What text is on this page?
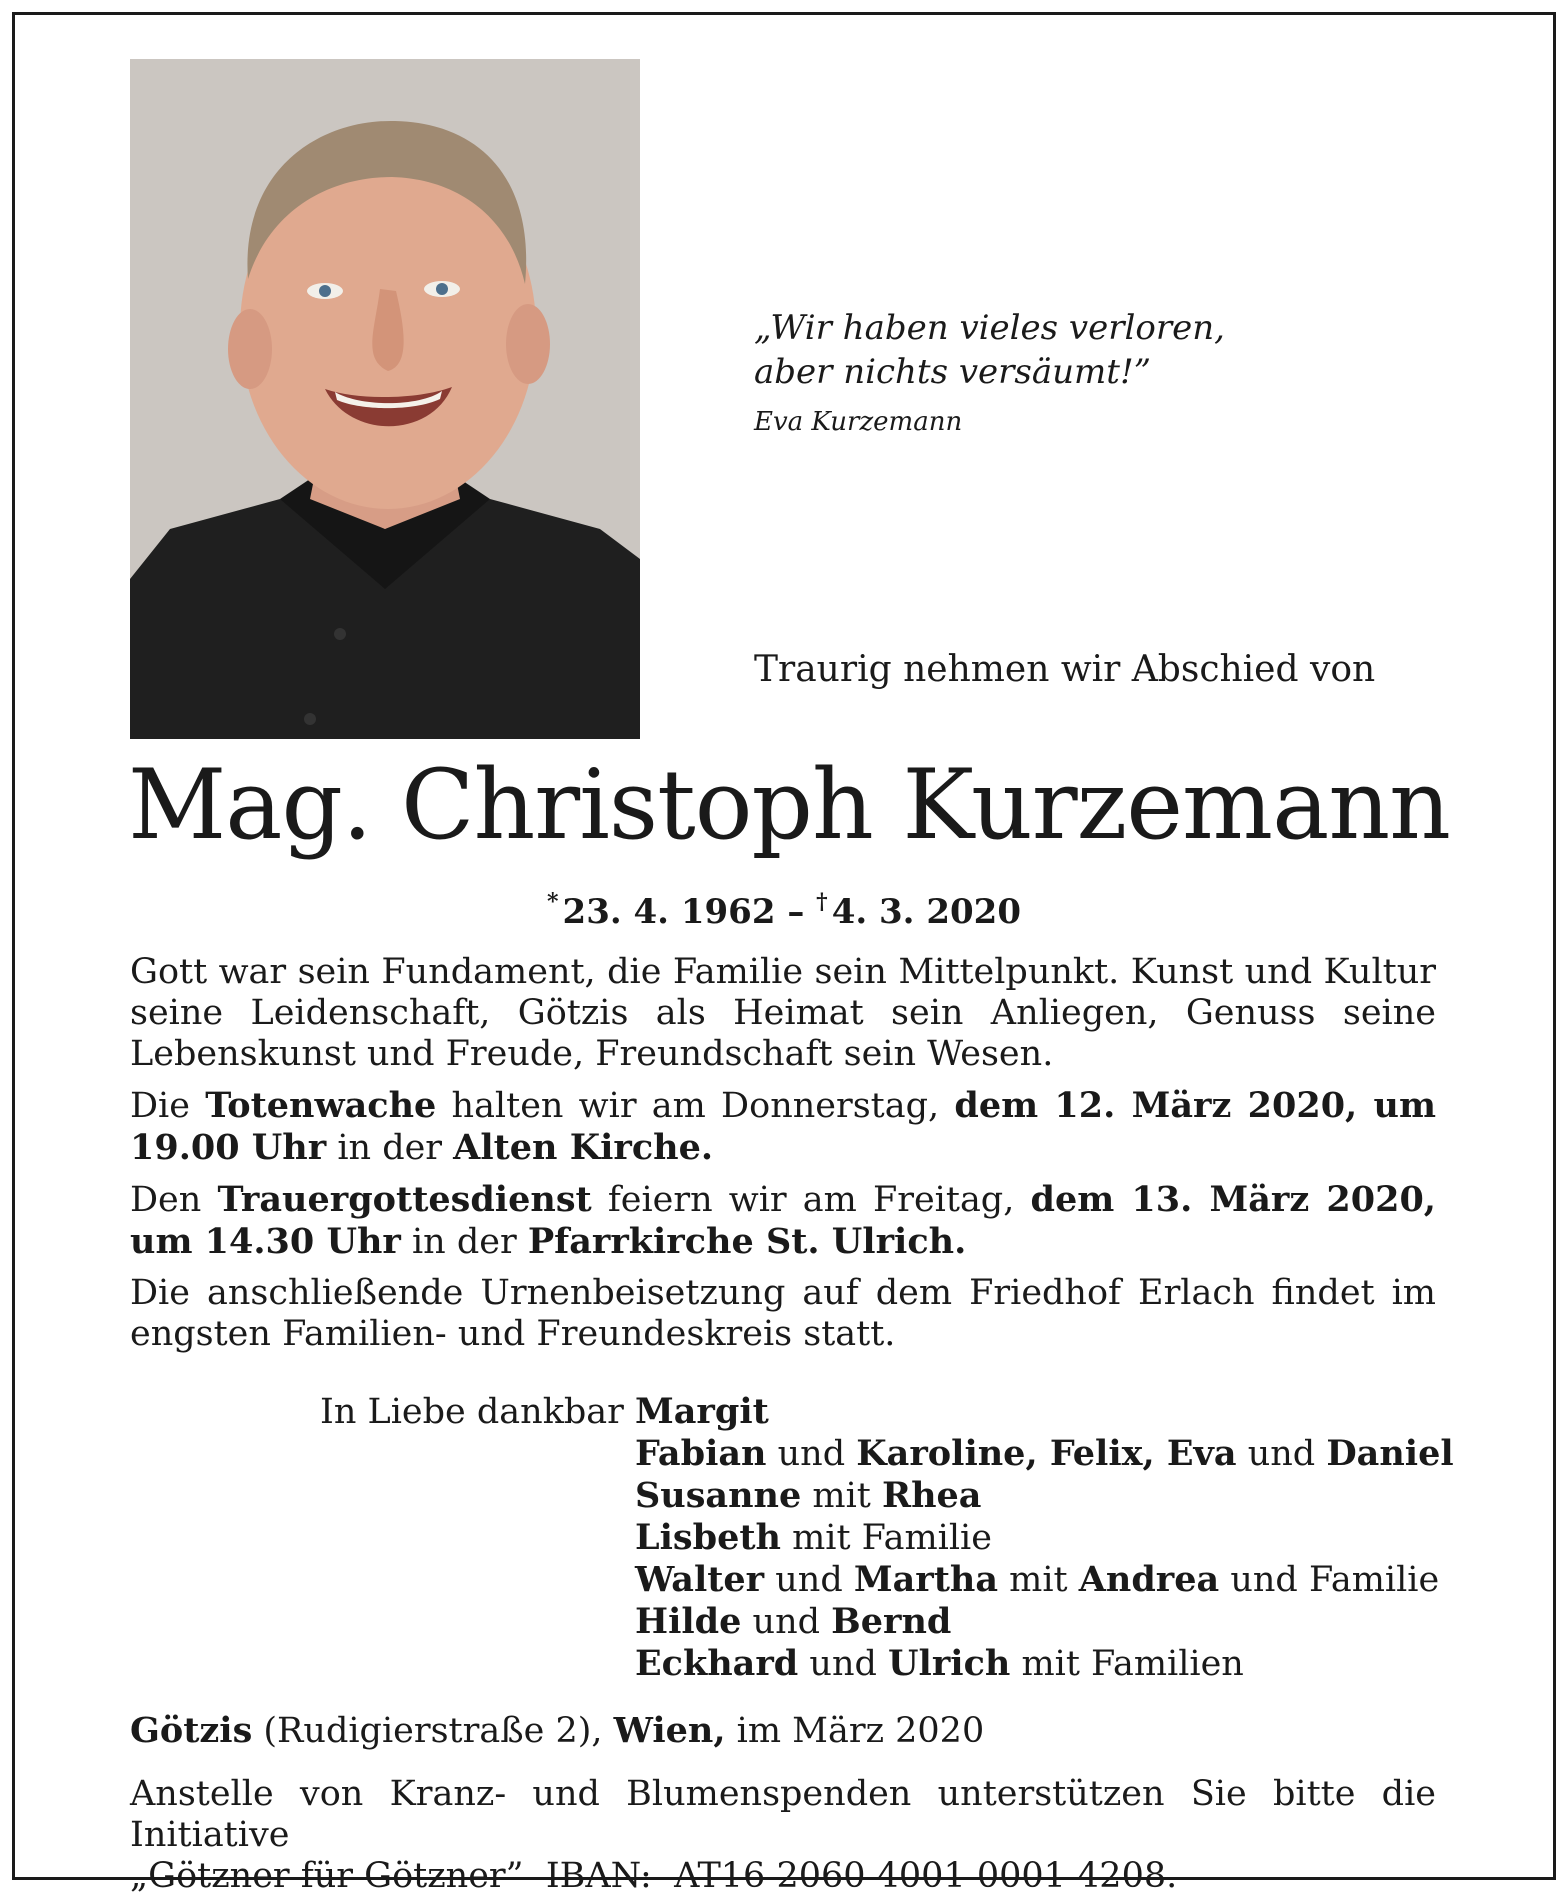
„Wir haben vieles verloren,
aber nichts versäumt!”
Eva Kurzemann
Traurig nehmen wir Abschied von
Mag. Christoph Kurzemann
* 23. 4. 1962 – † 4. 3. 2020

Gott war sein Fundament, die Familie sein Mittelpunkt. Kunst und Kultur seine Leidenschaft, Götzis als Heimat sein Anliegen, Genuss seine Lebenskunst und Freude, Freundschaft sein Wesen.

Die Totenwache halten wir am Donnerstag, dem 12. März 2020, um 19.00 Uhr in der Alten Kirche.

Den Trauergottesdienst feiern wir am Freitag, dem 13. März 2020, um 14.30 Uhr in der Pfarrkirche St. Ulrich.

Die anschließende Urnenbeisetzung auf dem Friedhof Erlach findet im engsten Familien- und Freundeskreis statt.

In Liebe dankbar Margit
Fabian und Karoline, Felix, Eva und Daniel
Susanne mit Rhea
Lisbeth mit Familie
Walter und Martha mit Andrea und Familie
Hilde und Bernd
Eckhard und Ulrich mit Familien
Götzis (Rudigierstraße 2), Wien, im März 2020
Anstelle von Kranz- und Blumenspenden unterstützen Sie bitte die Initiative
„Götzner für Götzner” IBAN: AT16 2060 4001 0001 4208.
